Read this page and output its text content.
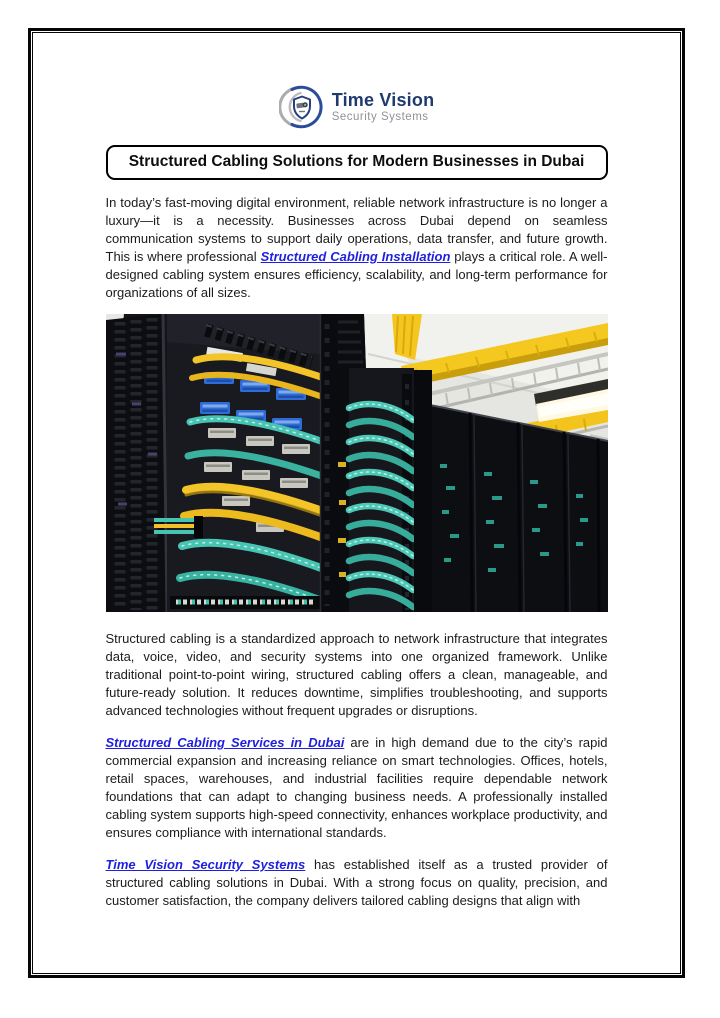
Time Vision
Security Systems
Structured Cabling Solutions for Modern Businesses in Dubai

In today’s fast-moving digital environment, reliable network infrastructure is no longer a luxury—it is a necessity. Businesses across Dubai depend on seamless communication systems to support daily operations, data transfer, and future growth. This is where professional Structured Cabling Installation plays a critical role. A well-designed cabling system ensures efficiency, scalability, and long-term performance for organizations of all sizes.

Structured cabling is a standardized approach to network infrastructure that integrates data, voice, video, and security systems into one organized framework. Unlike traditional point-to-point wiring, structured cabling offers a clean, manageable, and future-ready solution. It reduces downtime, simplifies troubleshooting, and supports advanced technologies without frequent upgrades or disruptions.

Structured Cabling Services in Dubai are in high demand due to the city’s rapid commercial expansion and increasing reliance on smart technologies. Offices, hotels, retail spaces, warehouses, and industrial facilities require dependable network foundations that can adapt to changing business needs. A professionally installed cabling system supports high-speed connectivity, enhances workplace productivity, and ensures compliance with international standards.

Time Vision Security Systems has established itself as a trusted provider of structured cabling solutions in Dubai. With a strong focus on quality, precision, and customer satisfaction, the company delivers tailored cabling designs that align with
